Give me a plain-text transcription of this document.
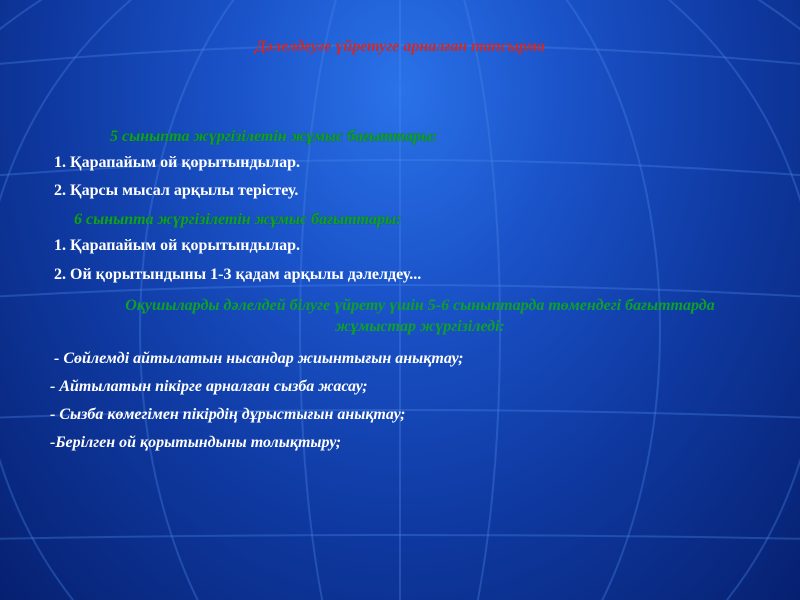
Дәлелдеуге үйретуге арналған тапсырма
5 сыныпта жүргізілетін жұмыс бағыттары:
1. Қарапайым ой қорытындылар.
2. Қарсы мысал арқылы терістеу.
6 сыныпта жүргізілетін жұмыс бағыттары:
1. Қарапайым ой қорытындылар.
2. Ой қорытындыны 1-3 қадам арқылы дәлелдеу...
Оқушыларды дәлелдей білуге үйрету үшін 5-6 сыныптарда төмендегі бағыттарда жұмыстар жүргізіледі:
- Сөйлемді айтылатын нысандар жиынтығын анықтау;
- Айтылатын пікірге арналған сызба жасау;
- Сызба көмегімен пікірдің дұрыстығын анықтау;
-Берілген ой қорытындыны толықтыру;
